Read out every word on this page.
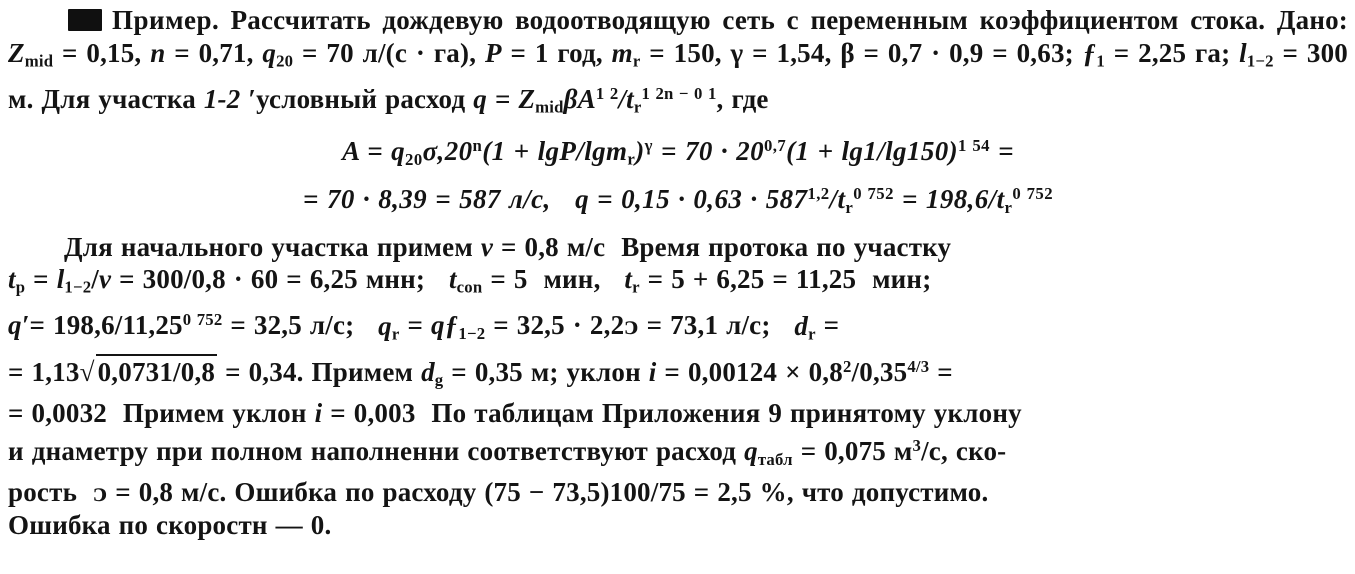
Пример. Рассчитать дождевую водоотводящую сеть с переменным коэффициентом стока. Дано: $Z_{mid} = 0,15$, n = 0,71, $q_{20} = 70$ л/(с · га), P = 1 год, $m_r = 150$, γ = 1,54, β = 0,7 · 0,9 = 0,63; $ƒ_1 = 2,25$ га; $l_{1-2} = 300$ м. Для участка 1-2 ′условный расход $q = Z_{mid}\beta A^{1 2}/t_r^{1 2n - 0 1}$, где

$A = q_{20}\sigma,20^n(1 + \lg P/\lg m_r)^\gamma = 70 \cdot 20^{0,7}(1 + \lg 1/\lg 150)^{1 54}$ =
= 70 · 8,39 = 587 л/с,   $q = 0,15 \cdot 0,63 \cdot 587^{1,2}/t_r^{0 752} = 198,6/t_r^{0 752}$

Для начального участка примем v = 0,8 м/с  Время протока по участку

$t_p = l_{1-2}/v = 300/0,8 \cdot 60 = 6,25$ мнн;   $t_{con} = 5$  мин,   $t_r = 5 + 6,25 = 11,25$  мин;

$q'= 198,6/11,25^{0 752} = 32,5$ л/с;   $q_r$ = $qƒ_{1-2} = 32,5$ · 2,2ᴐ = 73,1 л/с;   $d_r$ =

= 1,13√ 0,0731/0,8 = 0,34. Примем $d_g = 0,35$ м; уклон $i = 0,00124 \times 0,8^2/0,35^{4/3}$ =

= 0,0032  Примем уклон i = 0,003  По таблицам Приложения 9 принятому уклону

и днаметру при полном наполненни соответствуют расход $q_{табл} = 0,075$ $м^3/с$, ско-

рость  ᴐ = 0,8 м/с. Ошибка по расходу (75 − 73,5)100/75 = 2,5 %, что допустимо.

Ошибка по скоростн — 0.
